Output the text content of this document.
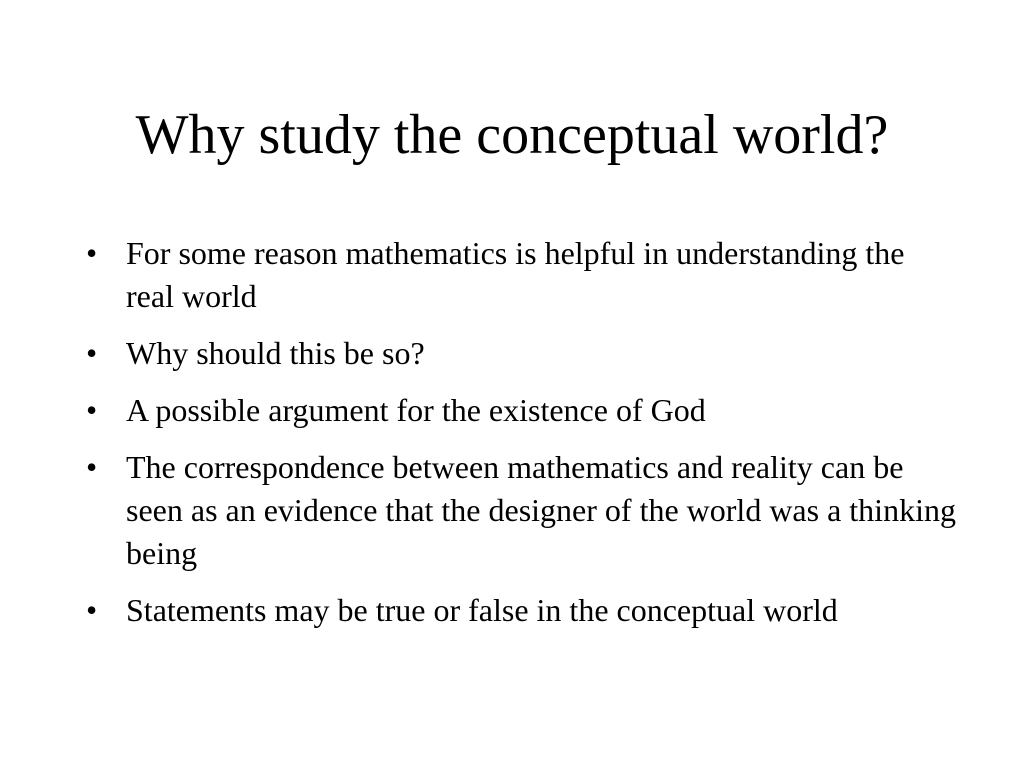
Why study the conceptual world?
• For some reason mathematics is helpful in understanding the real world
• Why should this be so?
• A possible argument for the existence of God
• The correspondence between mathematics and reality can be seen as an evidence that the designer of the world was a thinking being
• Statements may be true or false in the conceptual world
